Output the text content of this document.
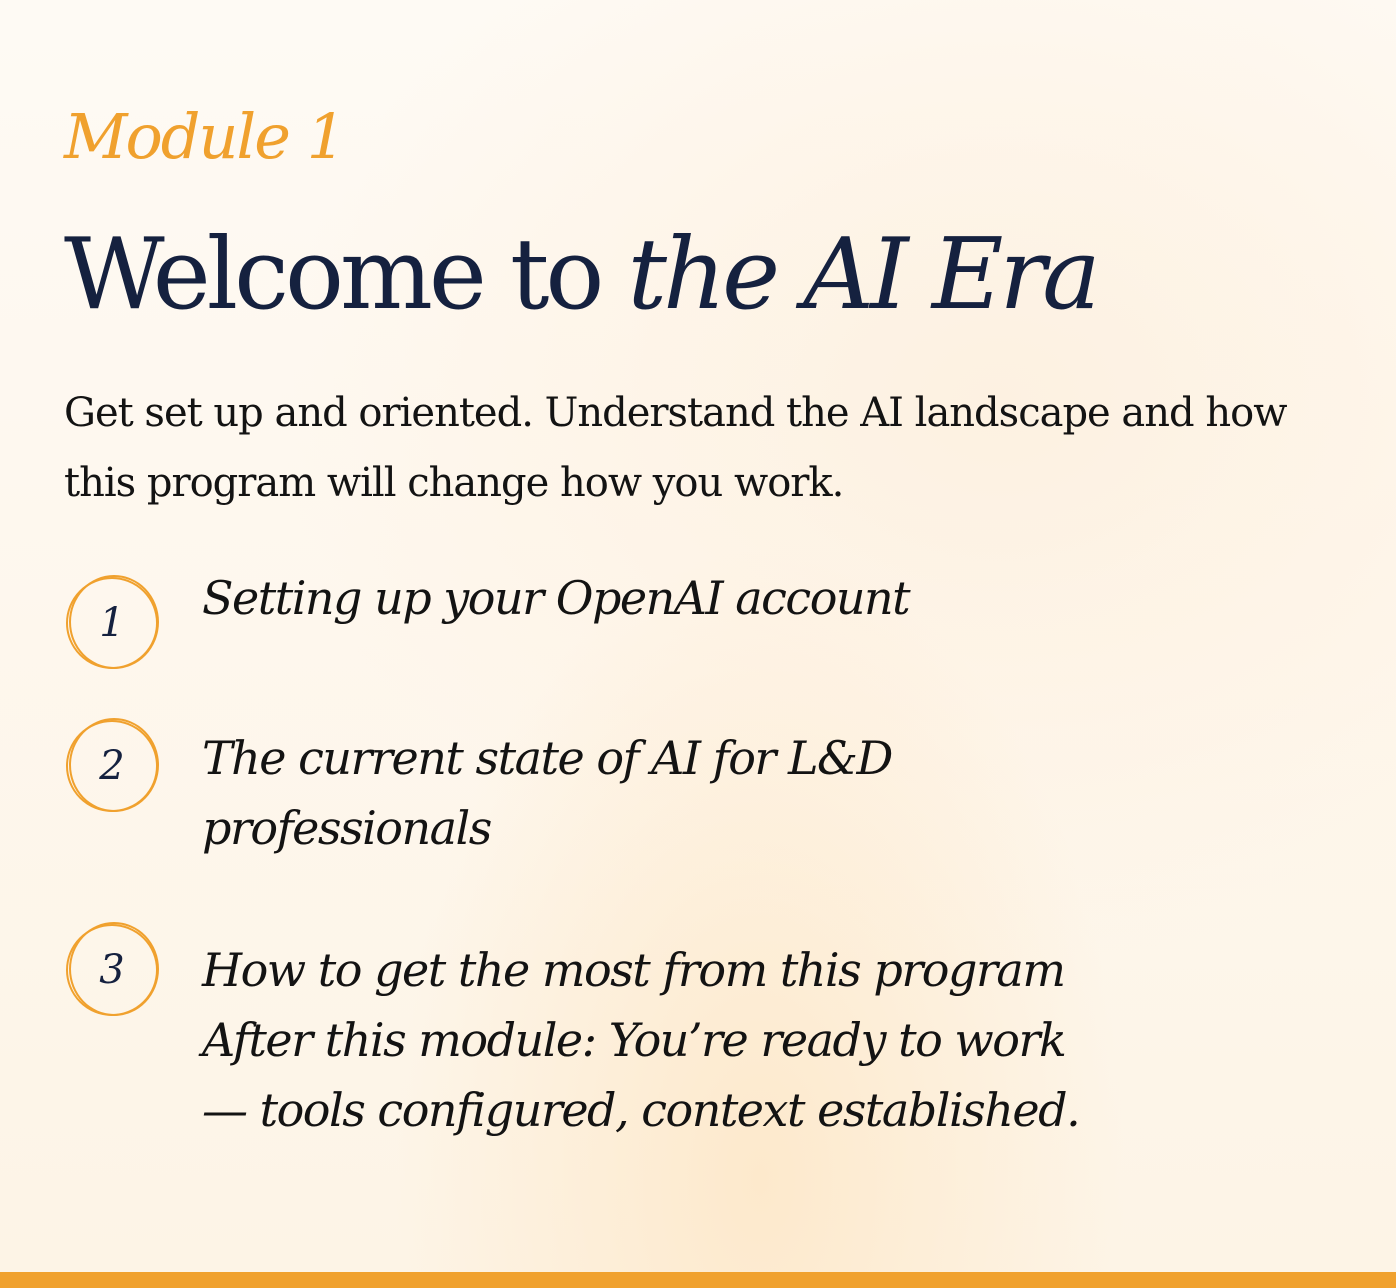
Module 1
Welcome to the AI Era
Get set up and oriented. Understand the AI landscape and how this program will change how you work.
1	Setting up your OpenAI account
2	The current state of AI for L&D
professionals
3	How to get the most from this program
After this module: You’re ready to work
— tools configured, context established.
